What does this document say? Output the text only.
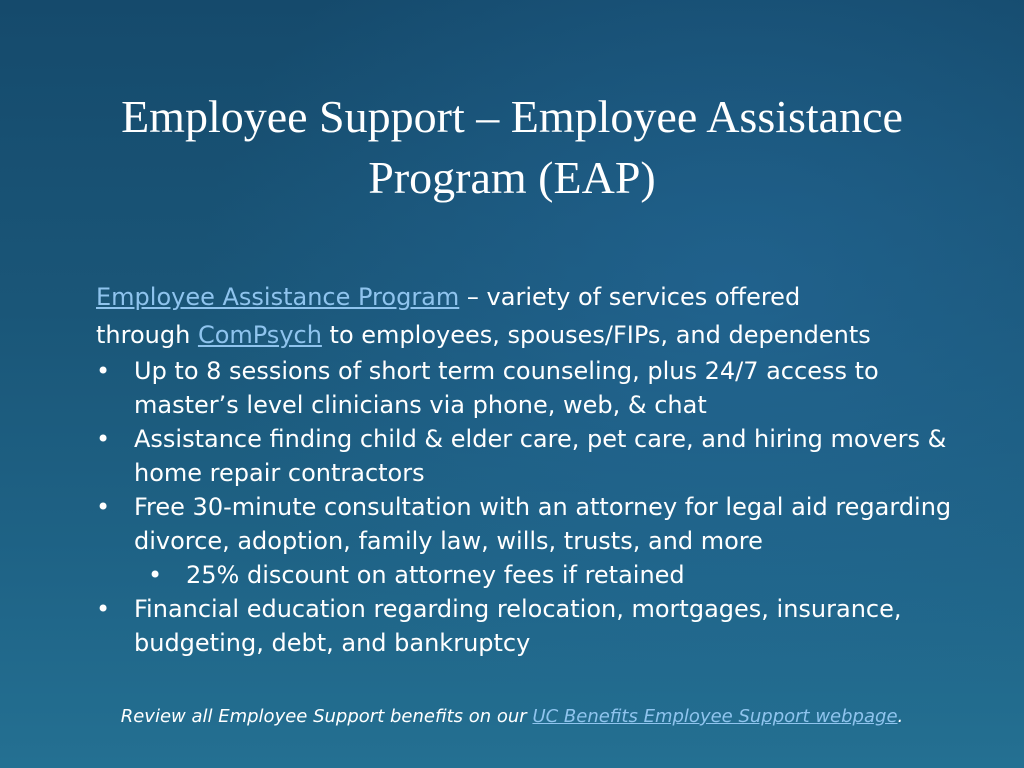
Employee Support – Employee Assistance Program (EAP)

Employee Assistance Program – variety of services offered through ComPsych to employees, spouses/FIPs, and dependents

• Up to 8 sessions of short term counseling, plus 24/7 access to master’s level clinicians via phone, web, & chat
• Assistance finding child & elder care, pet care, and hiring movers & home repair contractors
• Free 30-minute consultation with an attorney for legal aid regarding divorce, adoption, family law, wills, trusts, and more
• 25% discount on attorney fees if retained
• Financial education regarding relocation, mortgages, insurance, budgeting, debt, and bankruptcy

Review all Employee Support benefits on our UC Benefits Employee Support webpage.
